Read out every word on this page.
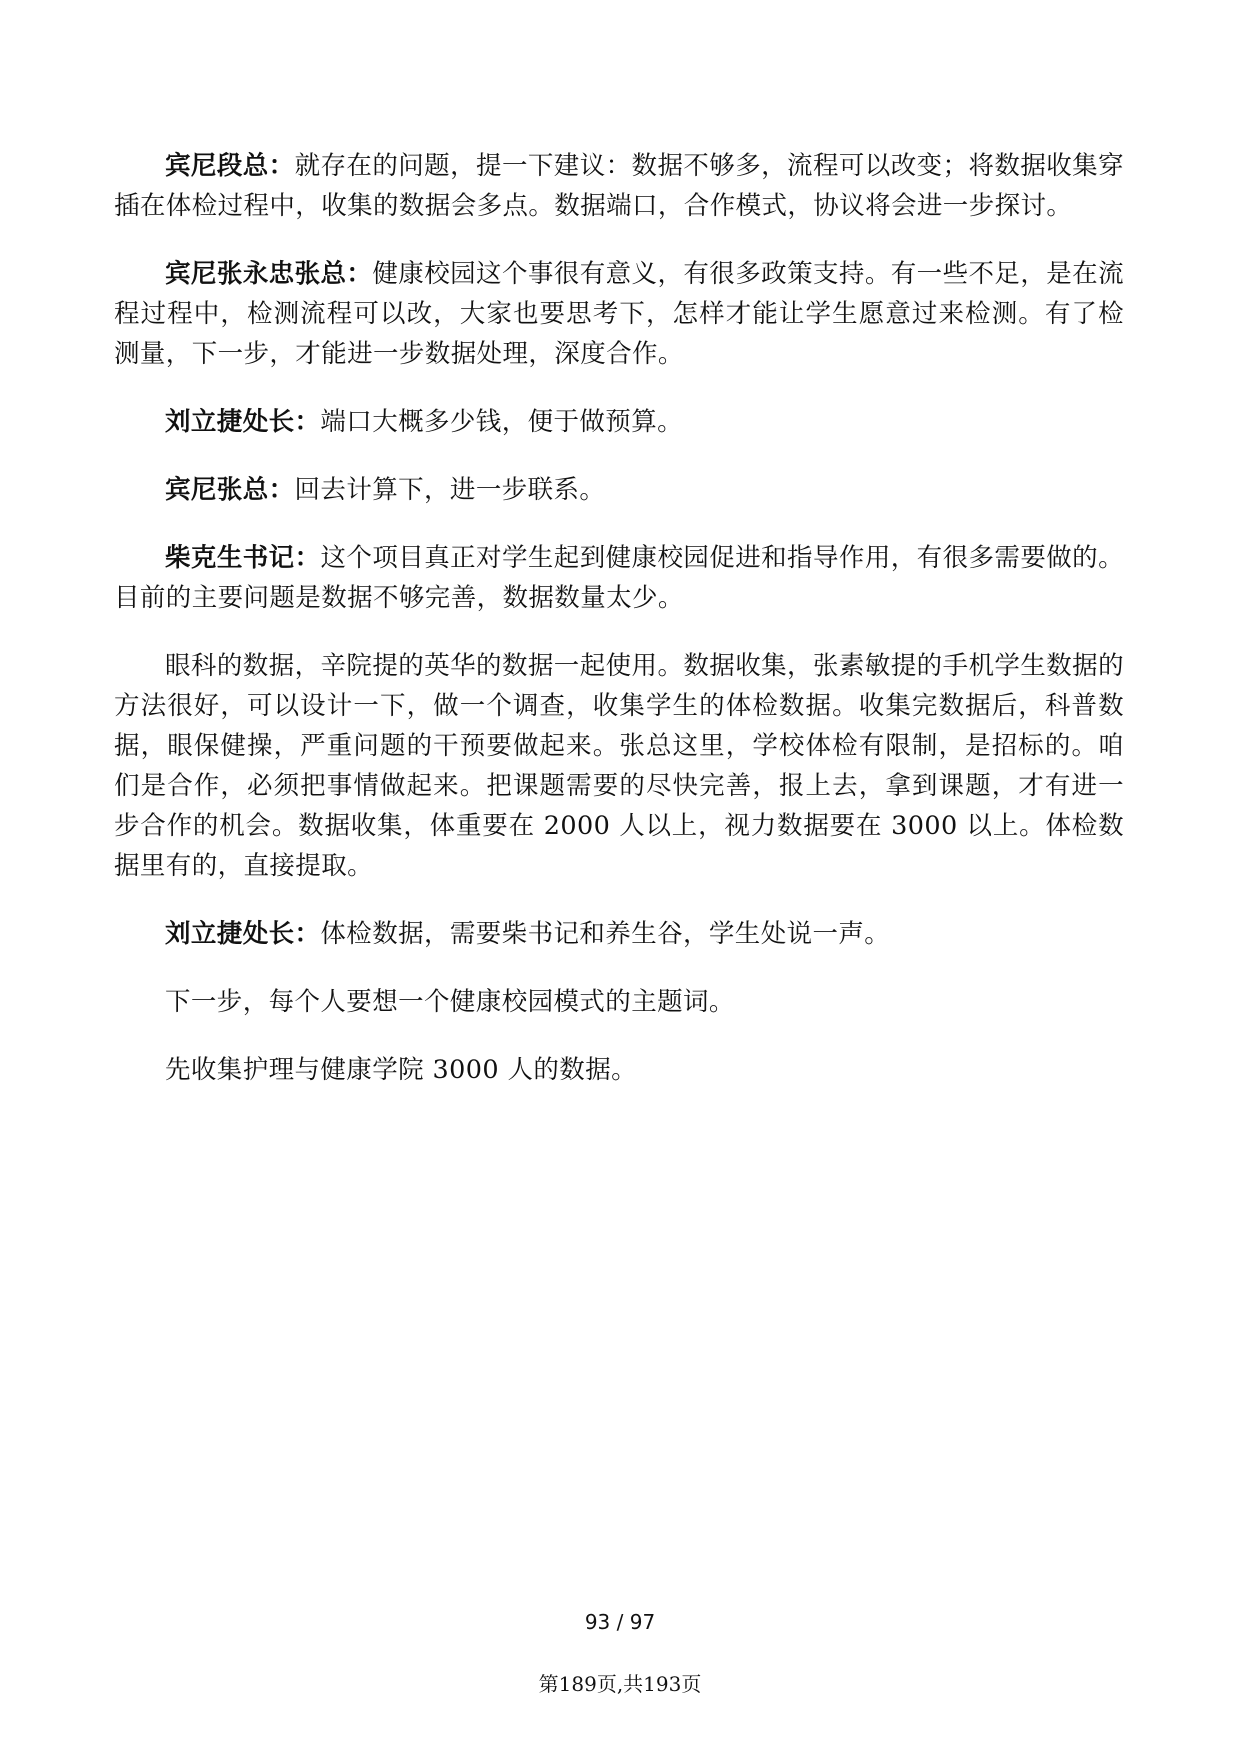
宾尼段总：就存在的问题，提一下建议：数据不够多，流程可以改变；将数据收集穿插在体检过程中，收集的数据会多点。数据端口，合作模式，协议将会进一步探讨。

宾尼张永忠张总：健康校园这个事很有意义，有很多政策支持。有一些不足，是在流程过程中，检测流程可以改，大家也要思考下，怎样才能让学生愿意过来检测。有了检测量，下一步，才能进一步数据处理，深度合作。

刘立捷处长：端口大概多少钱，便于做预算。

宾尼张总：回去计算下，进一步联系。

柴克生书记：这个项目真正对学生起到健康校园促进和指导作用，有很多需要做的。目前的主要问题是数据不够完善，数据数量太少。

眼科的数据，辛院提的英华的数据一起使用。数据收集，张素敏提的手机学生数据的方法很好，可以设计一下，做一个调查，收集学生的体检数据。收集完数据后，科普数据，眼保健操，严重问题的干预要做起来。张总这里，学校体检有限制，是招标的。咱们是合作，必须把事情做起来。把课题需要的尽快完善，报上去，拿到课题，才有进一步合作的机会。数据收集，体重要在 2000 人以上，视力数据要在 3000 以上。体检数据里有的，直接提取。

刘立捷处长：体检数据，需要柴书记和养生谷，学生处说一声。

下一步，每个人要想一个健康校园模式的主题词。

先收集护理与健康学院 3000 人的数据。

93 / 97
第189页,共193页
